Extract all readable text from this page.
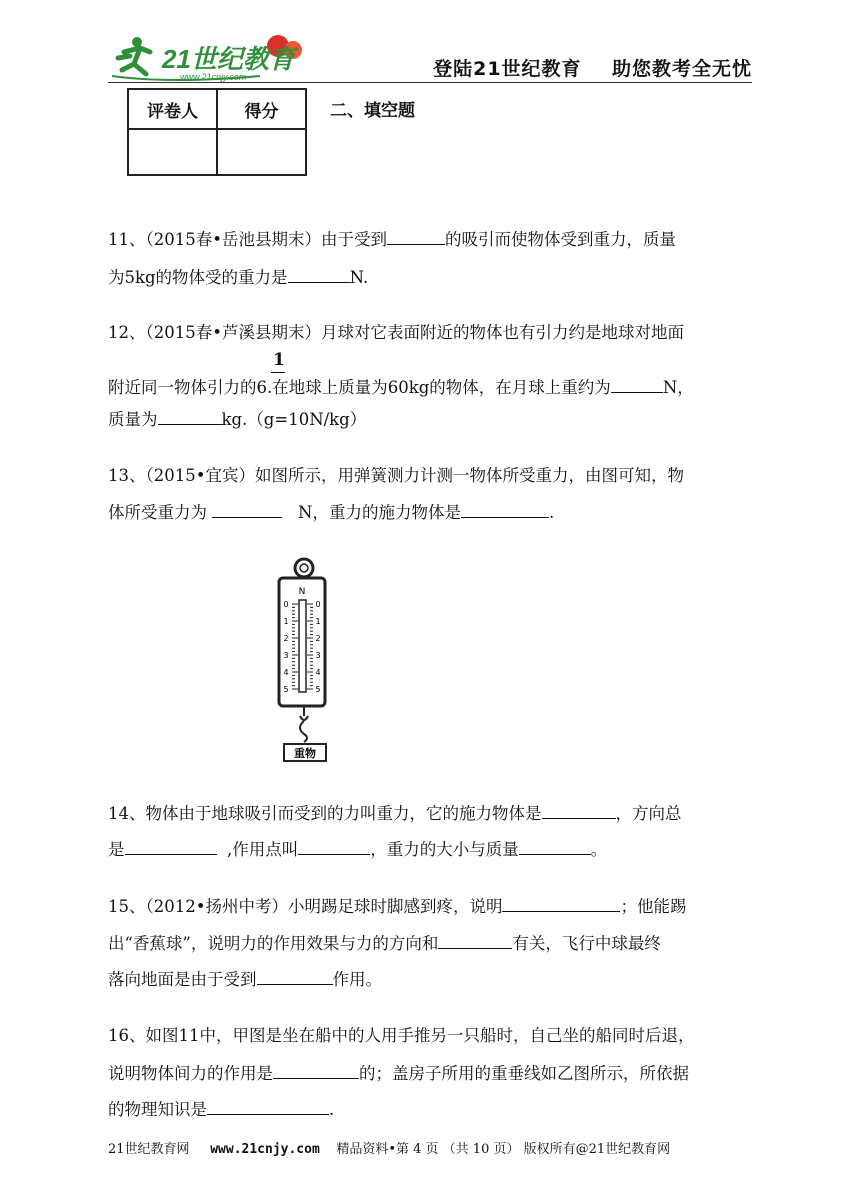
21世纪教育
www.21cnjy.com	登陆21世纪教育    助您教考全无忧
评卷人	得分
		二、填空题
11、（2015春•岳池县期末）由于受到	的吸引而使物体受到重力，质量
为5kg的物体受的重力是	N.
12、（2015春•芦溪县期末）月球对它表面附近的物体也有引力约是地球对地面
1
附近同一物体引力的6.在地球上质量为60kg的物体，在月球上重约为	N，
质量为	kg.（g=10N/kg）
13、（2015•宜宾）如图所示，用弹簧测力计测一物体所受重力，由图可知，物
体所受重力为	N，重力的施力物体是	.
N
0	0
1	1
2	2
3	3
4	4
5	5
重物
14、物体由于地球吸引而受到的力叫重力，它的施力物体是	，方向总
是	,作用点叫	，重力的大小与质量	。
15、（2012•扬州中考）小明踢足球时脚感到疼，说明	；他能踢
出“香蕉球”，说明力的作用效果与力的方向和	有关，飞行中球最终
落向地面是由于受到	作用。
16、如图11中，甲图是坐在船中的人用手推另一只船时，自己坐的船同时后退，
说明物体间力的作用是	的；盖房子所用的重垂线如乙图所示，所依据
的物理知识是	.
21世纪教育网 www.21cnjy.com 精品资料•第 4 页 （共 10 页） 版权所有@21世纪教育网
